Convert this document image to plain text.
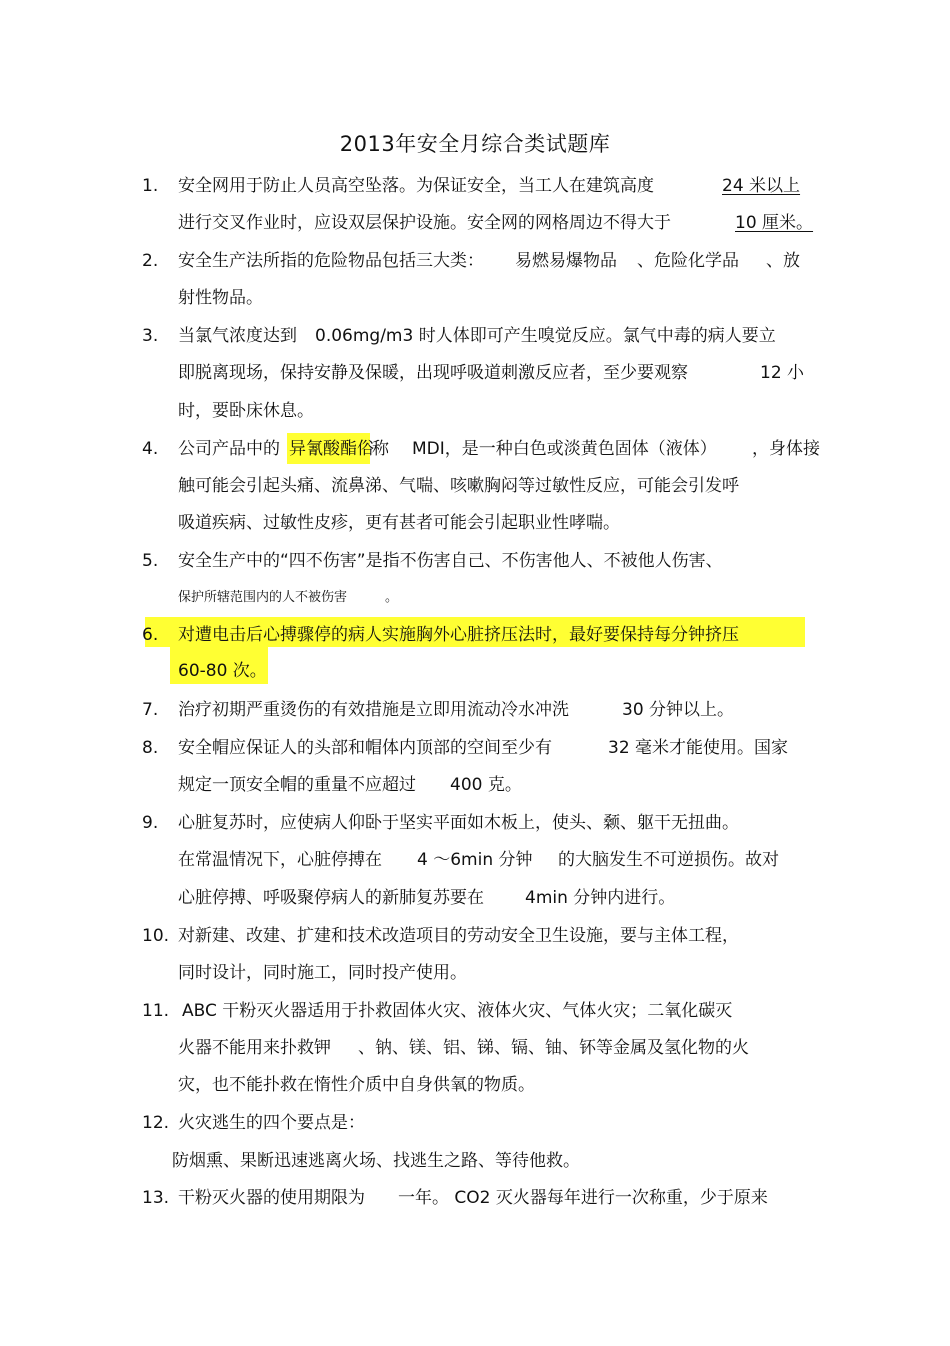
2013年安全月综合类试题库
1. 安全网用于防止人员高空坠落。为保证安全，当工人在建筑高度	24 米以上
进行交叉作业时，应设双层保护设施。安全网的网格周边不得大于	10 厘米。
2. 安全生产法所指的危险物品包括三大类： 易燃易爆物品 、危险化学品 、放
射性物品。
3. 当氯气浓度达到 0.06mg/m3 时人体即可产生嗅觉反应。氯气中毒的病人要立
即脱离现场，保持安静及保暖，出现呼吸道刺激反应者，至少要观察	12 小
时，要卧床休息。
4. 公司产品中的 异氰酸酯俗
称 MDI，是一种白色或淡黄色固体（液体） ，身体接
触可能会引起头痛、流鼻涕、气喘、咳嗽胸闷等过敏性反应，可能会引发呼
吸道疾病、过敏性皮疹，更有甚者可能会引起职业性哮喘。
5. 安全生产中的“四不伤害”是指不伤害自己、不伤害他人、不被他人伤害、
保护所辖范围内的人不被伤害	。
6. 对遭电击后心搏骤停的病人实施胸外心脏挤压法时，最好要保持每分钟挤压
60-80 次。
7. 治疗初期严重烫伤的有效措施是立即用流动冷水冲洗	30 分钟以上。
8. 安全帽应保证人的头部和帽体内顶部的空间至少有	32 毫米才能使用。国家
规定一顶安全帽的重量不应超过 400 克。
9. 心脏复苏时，应使病人仰卧于坚实平面如木板上，使头、颡、躯干无扭曲。
在常温情况下，心脏停搏在 4 ～6min 分钟 的大脑发生不可逆损伤。故对
心脏停搏、呼吸聚停病人的新肺复苏要在 4min 分钟内进行。
10. 对新建、改建、扩建和技术改造项目的劳动安全卫生设施，要与主体工程，
同时设计，同时施工，同时投产使用。
11. ABC 干粉灭火器适用于扑救固体火灾、液体火灾、气体火灾；二氧化碳灭
火器不能用来扑救钾 、钠、镁、铝、锑、镉、铀、钚等金属及氢化物的火
灾，也不能扑救在惰性介质中自身供氧的物质。
12. 火灾逃生的四个要点是：
防烟熏、果断迅速逃离火场、找逃生之路、等待他救。
13. 干粉灭火器的使用期限为 一年。 CO2 灭火器每年进行一次称重，少于原来
